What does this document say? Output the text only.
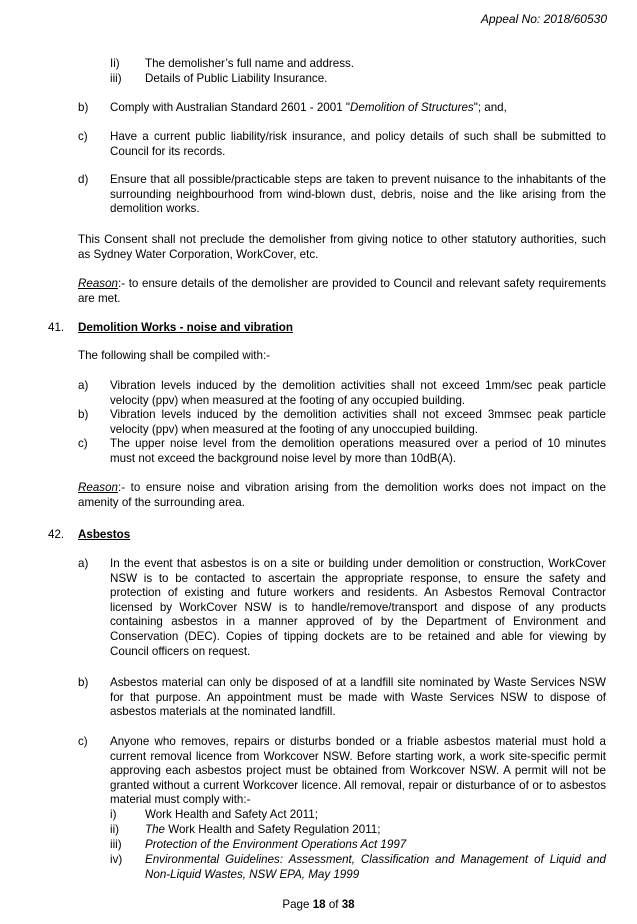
Appeal No: 2018/60530
Ii) The demolisher’s full name and address.
iii) Details of Public Liability Insurance.
b) Comply with Australian Standard 2601 - 2001 "Demolition of Structures"; and,
c) Have a current public liability/risk insurance, and policy details of such shall be submitted to Council for its records.
d) Ensure that all possible/practicable steps are taken to prevent nuisance to the inhabitants of the surrounding neighbourhood from wind-blown dust, debris, noise and the like arising from the demolition works.
This Consent shall not preclude the demolisher from giving notice to other statutory authorities, such as Sydney Water Corporation, WorkCover, etc.
Reason:- to ensure details of the demolisher are provided to Council and relevant safety requirements are met.
41. Demolition Works - noise and vibration
The following shall be compiled with:-
a) Vibration levels induced by the demolition activities shall not exceed 1mm/sec peak particle velocity (ppv) when measured at the footing of any occupied building.
b) Vibration levels induced by the demolition activities shall not exceed 3mmsec peak particle velocity (ppv) when measured at the footing of any unoccupied building.
c) The upper noise level from the demolition operations measured over a period of 10 minutes must not exceed the background noise level by more than 10dB(A).
Reason:- to ensure noise and vibration arising from the demolition works does not impact on the amenity of the surrounding area.
42. Asbestos
a) In the event that asbestos is on a site or building under demolition or construction, WorkCover NSW is to be contacted to ascertain the appropriate response, to ensure the safety and protection of existing and future workers and residents. An Asbestos Removal Contractor licensed by WorkCover NSW is to handle/remove/transport and dispose of any products containing asbestos in a manner approved of by the Department of Environment and Conservation (DEC). Copies of tipping dockets are to be retained and able for viewing by Council officers on request.
b) Asbestos material can only be disposed of at a landfill site nominated by Waste Services NSW for that purpose. An appointment must be made with Waste Services NSW to dispose of asbestos materials at the nominated landfill.
c) Anyone who removes, repairs or disturbs bonded or a friable asbestos material must hold a current removal licence from Workcover NSW. Before starting work, a work site-specific permit approving each asbestos project must be obtained from Workcover NSW. A permit will not be granted without a current Workcover licence. All removal, repair or disturbance of or to asbestos material must comply with:-
i) Work Health and Safety Act 2011;
ii) The Work Health and Safety Regulation 2011;
iii) Protection of the Environment Operations Act 1997
iv) Environmental Guidelines: Assessment, Classification and Management of Liquid and Non-Liquid Wastes, NSW EPA, May 1999
Page 18 of 38
